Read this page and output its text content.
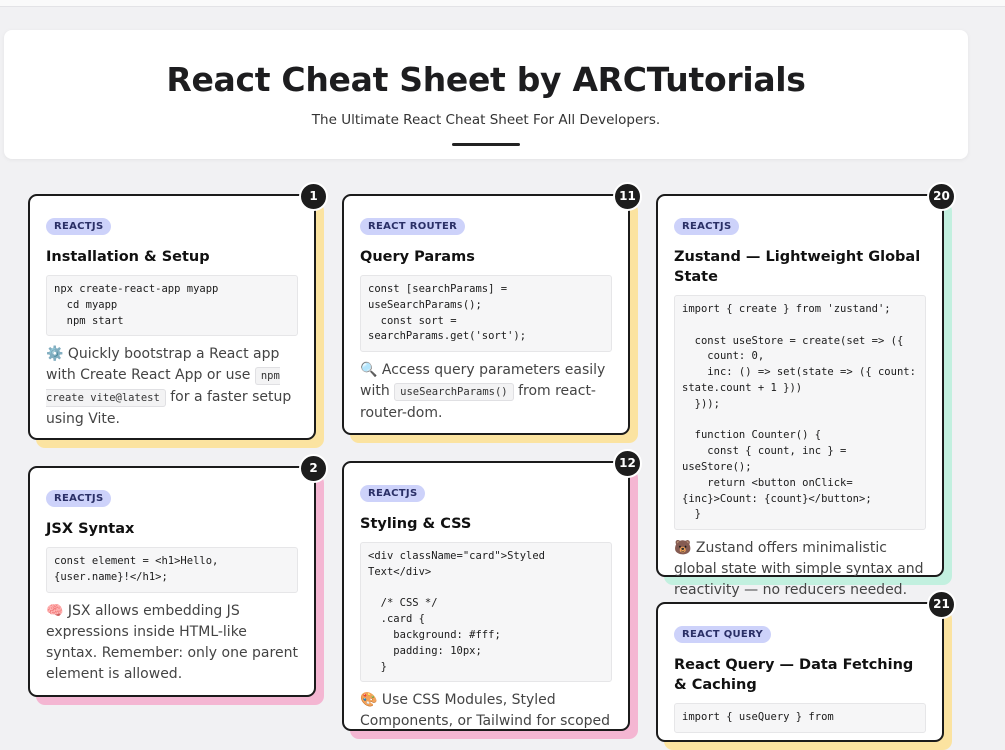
React Cheat Sheet by ARCTutorials
The Ultimate React Cheat Sheet For All Developers.
REACTJS
Installation & Setup
npx create-react-app myapp
cd myapp
npm start
⚙️ Quickly bootstrap a React app with Create React App or use npm create vite@latest for a faster setup using Vite.
1
REACTJS
JSX Syntax
const element = <h1>Hello, {user.name}!</h1>;
🧠 JSX allows embedding JS expressions inside HTML-like syntax. Remember: only one parent element is allowed.
2
REACT ROUTER
Query Params
const [searchParams] = useSearchParams();
const sort = searchParams.get('sort');
🔍 Access query parameters easily with useSearchParams() from react-router-dom.
11
REACTJS
Styling & CSS
<div className="card">Styled Text</div>

/* CSS */
.card {
background: #fff;
padding: 10px;
}
🎨 Use CSS Modules, Styled Components, or Tailwind for scoped
12
REACTJS
Zustand — Lightweight Global State
import { create } from 'zustand';

const useStore = create(set => ({
count: 0,
inc: () => set(state => ({ count: state.count + 1 }))
}));

function Counter() {
const { count, inc } = useStore();
return <button onClick={inc}>Count: {count}</button>;
}
🐻 Zustand offers minimalistic global state with simple syntax and reactivity — no reducers needed.
20
REACT QUERY
React Query — Data Fetching & Caching
import { useQuery } from
21
